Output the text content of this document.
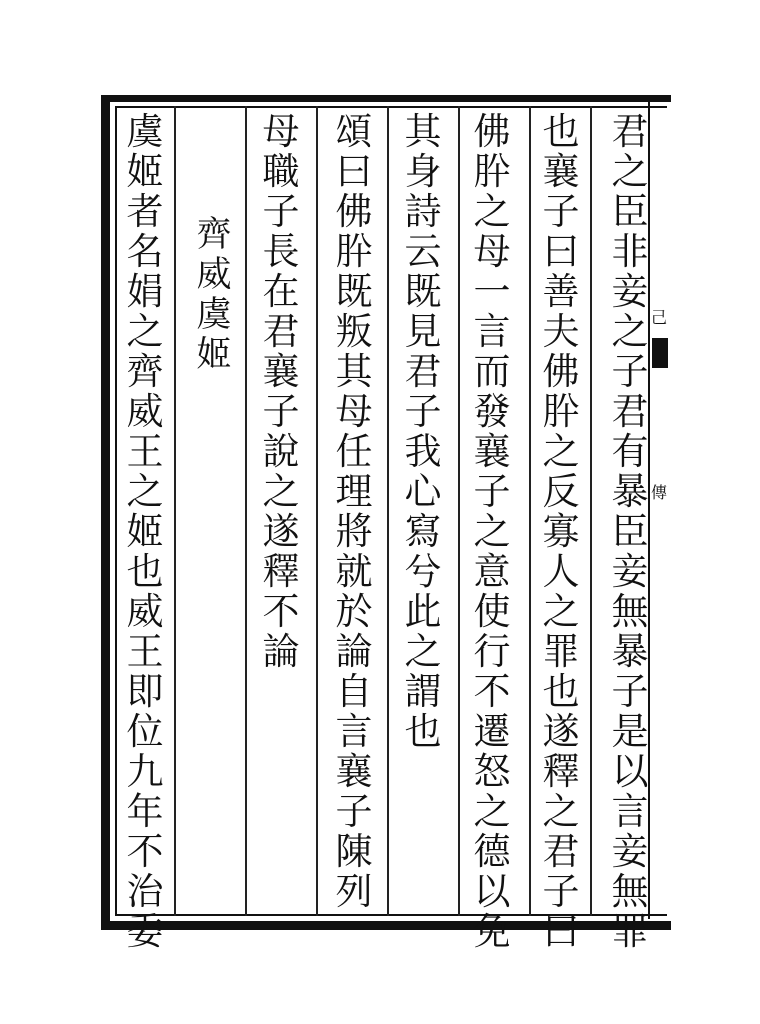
己
傳
君
之
臣
非
妾
之
子
君
有
暴
臣
妾
無
暴
子
是
以
言
妾
無
罪
也
襄
子
曰
善
夫
佛
肸
之
反
寡
人
之
罪
也
遂
釋
之
君
子
曰
佛
肸
之
母
一
言
而
發
襄
子
之
意
使
行
不
遷
怒
之
德
以
免
其
身
詩
云
既
見
君
子
我
心
寫
兮
此
之
謂
也
頌
曰
佛
肸
既
叛
其
母
任
理
將
就
於
論
自
言
襄
子
陳
列
母
職
子
長
在
君
襄
子
說
之
遂
釋
不
論
齊
威
虞
姬
虞
姬
者
名
娟
之
齊
威
王
之
姬
也
威
王
即
位
九
年
不
治
委
